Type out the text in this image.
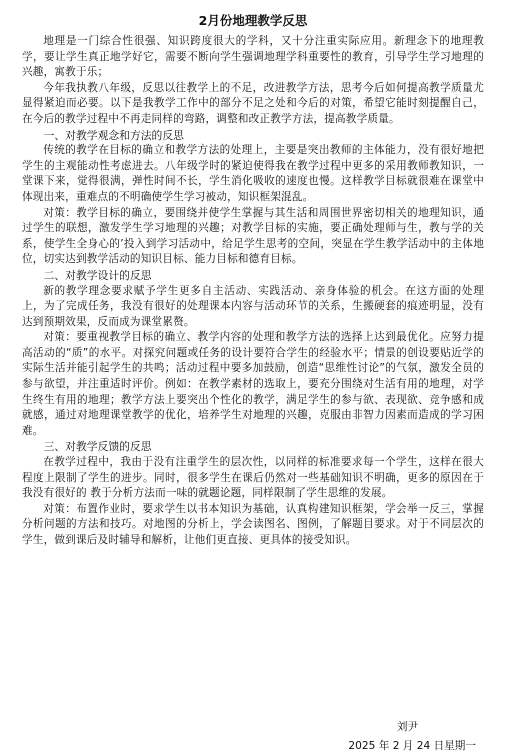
2月份地理教学反思

地理是一门综合性很强、知识跨度很大的学科，又十分注重实际应用。新理念下的地理教学，要让学生真正地学好它，需要不断向学生强调地理学科重要性的教育，引导学生学习地理的兴趣，寓教于乐；

今年我执教八年级，反思以往教学上的不足，改进教学方法，思考今后如何提高教学质量尤显得紧迫而必要。以下是我教学工作中的部分不足之处和今后的对策，希望它能时刻提醒自己，在今后的教学过程中不再走同样的弯路，调整和改正教学方法，提高教学质量。

一、对教学观念和方法的反思

传统的教学在目标的确立和教学方法的处理上，主要是突出教师的主体能力，没有很好地把学生的主观能动性考虑进去。八年级学时的紧迫使得我在教学过程中更多的采用教师教知识，一堂课下来，觉得很满，弹性时间不长，学生消化吸收的速度也慢。这样教学目标就很难在课堂中体现出来，重难点的不明确使学生学习被动，知识框架混乱。

对策：教学目标的确立，要围绕并使学生掌握与其生活和周围世界密切相关的地理知识，通过学生的联想，激发学生学习地理的兴趣；对教学目标的实施，要正确处理师与生，教与学的关系，使学生全身心的’投入到学习活动中，给足学生思考的空间，突显在学生教学活动中的主体地位，切实达到教学活动的知识目标、能力目标和德育目标。

二、对教学设计的反思

新的教学理念要求赋予学生更多自主活动、实践活动、亲身体验的机会。在这方面的处理上，为了完成任务，我没有很好的处理课本内容与活动环节的关系，生搬硬套的痕迹明显，没有达到预期效果，反而成为课堂累赘。

对策：要重视教学目标的确立、教学内容的处理和教学方法的选择上达到最优化。应努力提高活动的“质”的水平。对探究问题或任务的设计要符合学生的经验水平；情景的创设要贴近学的实际生活并能引起学生的共鸣；活动过程中要多加鼓励，创造“思维性讨论”的气氛，激发全员的参与欲望，并注重适时评价。例如：在教学素材的选取上，要充分围绕对生活有用的地理，对学生终生有用的地理；教学方法上要突出个性化的教学，满足学生的参与欲、表现欲、竞争感和成就感，通过对地理课堂教学的优化，培养学生对地理的兴趣，克服由非智力因素而造成的学习困难。

三、对教学反馈的反思

在教学过程中，我由于没有注重学生的层次性，以同样的标准要求每一个学生，这样在很大程度上限制了学生的进步。同时，很多学生在课后仍然对一些基础知识不明确，更多的原因在于我没有很好的 教于分析方法而一味的就题论题，同样限制了学生思维的发展。

对策：布置作业时，要求学生以书本知识为基础，认真构建知识框架，学会举一反三，掌握分析问题的方法和技巧。对地图的分析上，学会读图名、图例，了解题目要求。对于不同层次的学生，做到课后及时辅导和解析，让他们更直接、更具体的接受知识。

刘尹
2025 年 2 月 24 日星期一
